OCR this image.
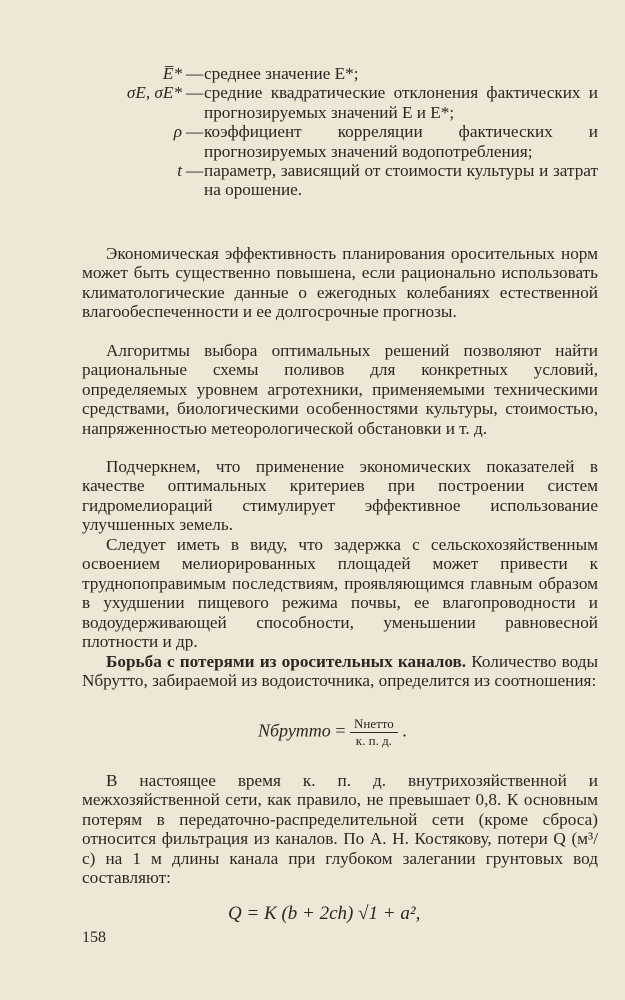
E̅* — среднее значение E*;
σE, σE* — средние квадратические отклонения фактических и прогнозируемых значений E и E*;
ρ — коэффициент корреляции фактических и прогнозируемых значений водопотребления;
t — параметр, зависящий от стоимости культуры и затрат на орошение.

Экономическая эффективность планирования оросительных норм может быть существенно повышена, если рационально использовать климатологические данные о ежегодных колебаниях естественной влагообеспеченности и ее долгосрочные прогнозы.

Алгоритмы выбора оптимальных решений позволяют найти рациональные схемы поливов для конкретных условий, определяемых уровнем агротехники, применяемыми техническими средствами, биологическими особенностями культуры, стоимостью, напряженностью метеорологической обстановки и т. д.

Подчеркнем, что применение экономических показателей в качестве оптимальных критериев при построении систем гидромелиораций стимулирует эффективное использование улучшенных земель.

Следует иметь в виду, что задержка с сельскохозяйственным освоением мелиорированных площадей может привести к труднопоправимым последствиям, проявляющимся главным образом в ухудшении пищевого режима почвы, ее влагопроводности и водоудерживающей способности, уменьшении равновесной плотности и др.

Борьба с потерями из оросительных каналов. Количество воды Nбрутто, забираемой из водоисточника, определится из соотношения:

Nбрутто = $\frac{\text{Nнетто}}{к. п. д.}$ .

В настоящее время к. п. д. внутрихозяйственной и межхозяйственной сети, как правило, не превышает 0,8. К основным потерям в передаточно-распределительной сети (кроме сброса) относится фильтрация из каналов. По А. Н. Костякову, потери Q (м³/с) на 1 м длины канала при глубоком залегании грунтовых вод составляют:

Q = K (b + 2ch) √1 + a²,
158
